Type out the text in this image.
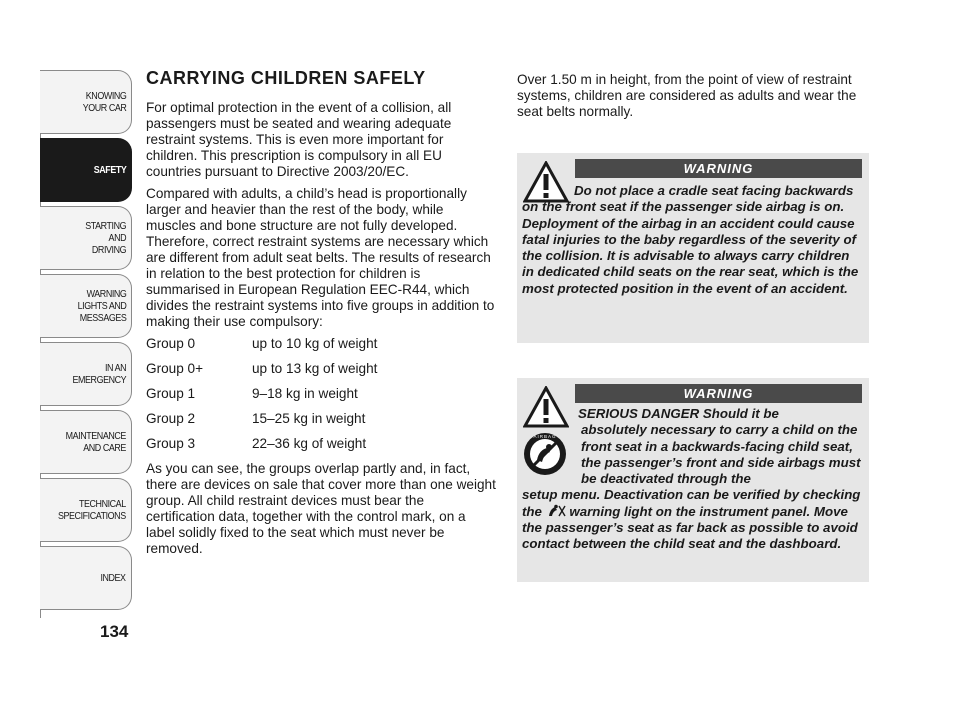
KNOWING
YOUR CAR
SAFETY
STARTING
AND
DRIVING
WARNING
LIGHTS AND
MESSAGES
IN AN
EMERGENCY
MAINTENANCE
AND CARE
TECHNICAL
SPECIFICATIONS
INDEX
134
CARRYING CHILDREN SAFELY

For optimal protection in the event of a collision, all passengers must be seated and wearing adequate restraint systems. This is even more important for children. This prescription is compulsory in all EU countries pursuant to Directive 2003/20/EC.

Compared with adults, a child’s head is proportionally larger and heavier than the rest of the body, while muscles and bone structure are not fully developed. Therefore, correct restraint systems are necessary which are different from adult seat belts. The results of research in relation to the best protection for children is summarised in European Regulation EEC-R44, which divides the restraint systems into five groups in addition to making their use compulsory:

Group 0	up to 10 kg of weight
Group 0+	up to 13 kg of weight
Group 1	9–18 kg in weight
Group 2	15–25 kg in weight
Group 3	22–36 kg of weight

As you can see, the groups overlap partly and, in fact, there are devices on sale that cover more than one weight group. All child restraint devices must bear the certification data, together with the control mark, on a label solidly fixed to the seat which must never be removed.

Over 1.50 m in height, from the point of view of restraint systems, children are considered as adults and wear the seat belts normally.

WARNING
Do not place a cradle seat facing backwards on the front seat if the passenger side airbag is on. Deployment of the airbag in an accident could cause fatal injuries to the baby regardless of the severity of the collision. It is advisable to always carry children in dedicated child seats on the rear seat, which is the most protected position in the event of an accident.
AIRBAG
WARNING
SERIOUS DANGER Should it be
absolutely necessary to carry a child on the front seat in a backwards-facing child seat, the passenger’s front and side airbags must be deactivated through the
setup menu. Deactivation can be verified by checking the warning light on the instrument panel. Move the passenger’s seat as far back as possible to avoid contact between the child seat and the dashboard.
